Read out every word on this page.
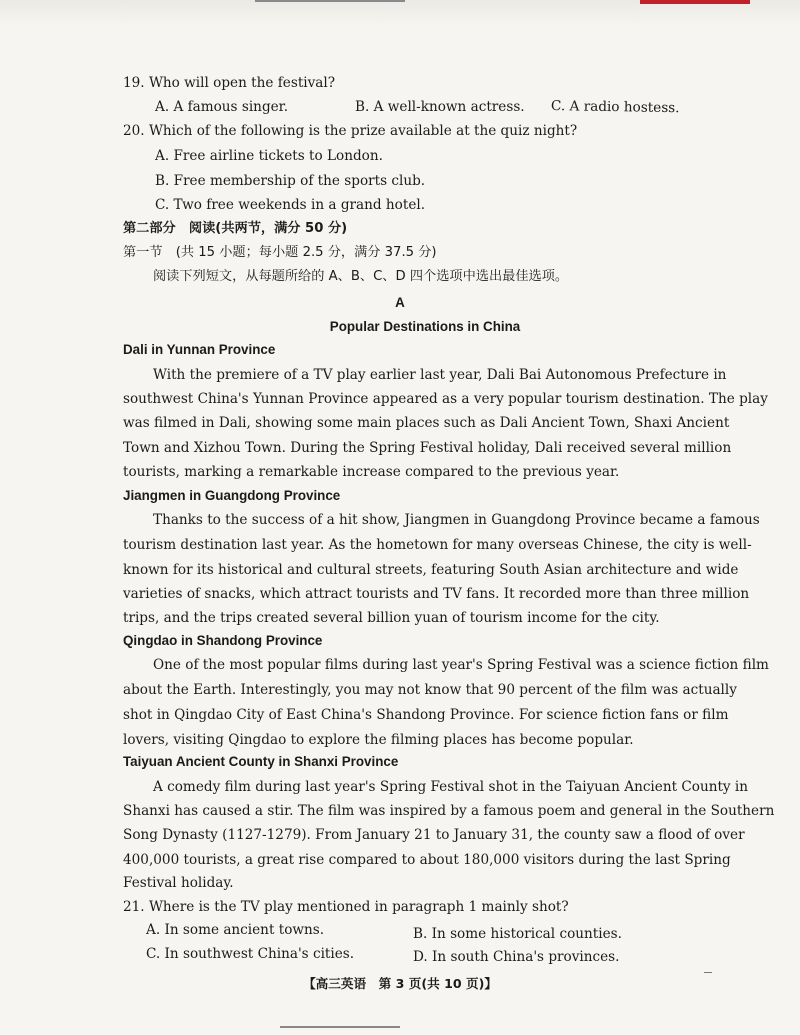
19. Who will open the festival?
A. A famous singer.	B. A well-known actress. C. A radio hostess.
20. Which of the following is the prize available at the quiz night?
A. Free airline tickets to London.
B. Free membership of the sports club.
C. Two free weekends in a grand hotel.
第二部分　阅读(共两节，满分 50 分)
第一节　(共 15 小题；每小题 2.5 分，满分 37.5 分)
阅读下列短文，从每题所给的 A、B、C、D 四个选项中选出最佳选项。
A
Popular Destinations in China
Dali in Yunnan Province
With the premiere of a TV play earlier last year, Dali Bai Autonomous Prefecture in
southwest China's Yunnan Province appeared as a very popular tourism destination. The play
was filmed in Dali, showing some main places such as Dali Ancient Town, Shaxi Ancient
Town and Xizhou Town. During the Spring Festival holiday, Dali received several million
tourists, marking a remarkable increase compared to the previous year.
Jiangmen in Guangdong Province
Thanks to the success of a hit show, Jiangmen in Guangdong Province became a famous
tourism destination last year. As the hometown for many overseas Chinese, the city is well-
known for its historical and cultural streets, featuring South Asian architecture and wide
varieties of snacks, which attract tourists and TV fans. It recorded more than three million
trips, and the trips created several billion yuan of tourism income for the city.
Qingdao in Shandong Province
One of the most popular films during last year's Spring Festival was a science fiction film
about the Earth. Interestingly, you may not know that 90 percent of the film was actually
shot in Qingdao City of East China's Shandong Province. For science fiction fans or film
lovers, visiting Qingdao to explore the filming places has become popular.
Taiyuan Ancient County in Shanxi Province
A comedy film during last year's Spring Festival shot in the Taiyuan Ancient County in
Shanxi has caused a stir. The film was inspired by a famous poem and general in the Southern
Song Dynasty (1127-1279). From January 21 to January 31, the county saw a flood of over
400,000 tourists, a great rise compared to about 180,000 visitors during the last Spring
Festival holiday.
21. Where is the TV play mentioned in paragraph 1 mainly shot?
A. In some ancient towns.	B. In some historical counties.
C. In southwest China's cities.	D. In south China's provinces.
【高三英语　第 3 页(共 10 页)】
